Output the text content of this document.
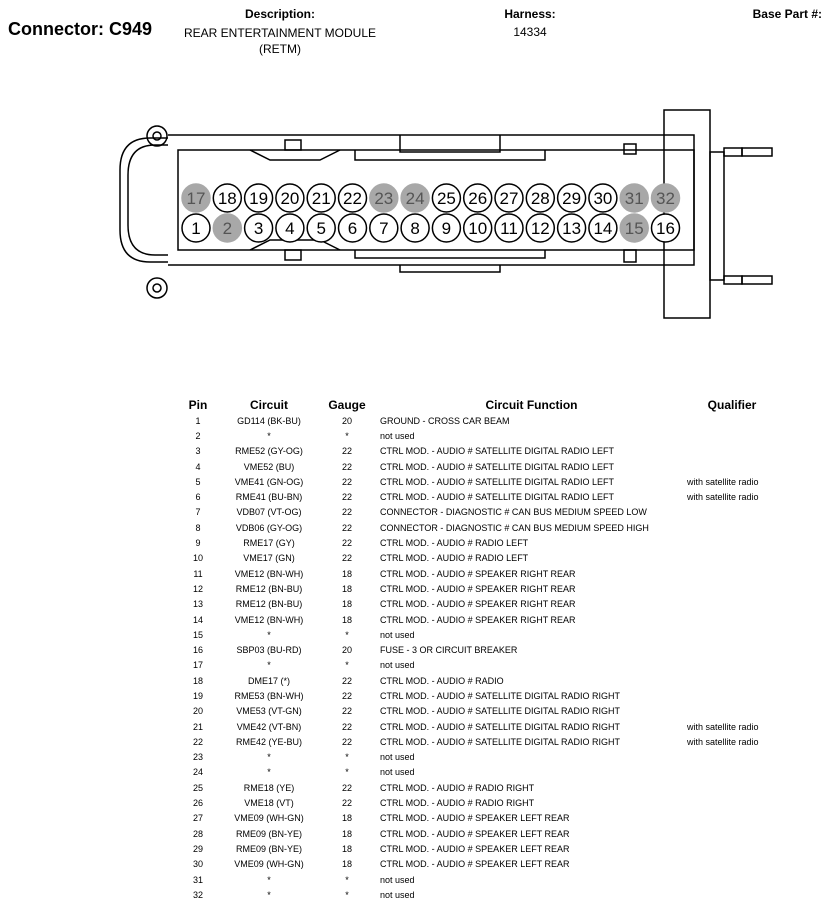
Connector: C949
Description:
REAR ENTERTAINMENT MODULE
(RETM)
Harness:
14334
Base Part #:
17 18 19 20 21 22 23 24 25 26 27 28 29 30 31 32
1 2 3 4 5 6 7 8 9 10 11 12 13 14 15 16
Pin	Circuit	Gauge	Circuit Function	Qualifier
1	GD114 (BK-BU)	20	GROUND - CROSS CAR BEAM	
2	*	*	not used	
3	RME52 (GY-OG)	22	CTRL MOD. - AUDIO # SATELLITE DIGITAL RADIO LEFT	
4	VME52 (BU)	22	CTRL MOD. - AUDIO # SATELLITE DIGITAL RADIO LEFT	
5	VME41 (GN-OG)	22	CTRL MOD. - AUDIO # SATELLITE DIGITAL RADIO LEFT	with satellite radio
6	RME41 (BU-BN)	22	CTRL MOD. - AUDIO # SATELLITE DIGITAL RADIO LEFT	with satellite radio
7	VDB07 (VT-OG)	22	CONNECTOR - DIAGNOSTIC # CAN BUS MEDIUM SPEED LOW	
8	VDB06 (GY-OG)	22	CONNECTOR - DIAGNOSTIC # CAN BUS MEDIUM SPEED HIGH	
9	RME17 (GY)	22	CTRL MOD. - AUDIO # RADIO LEFT	
10	VME17 (GN)	22	CTRL MOD. - AUDIO # RADIO LEFT	
11	VME12 (BN-WH)	18	CTRL MOD. - AUDIO # SPEAKER RIGHT REAR	
12	RME12 (BN-BU)	18	CTRL MOD. - AUDIO # SPEAKER RIGHT REAR	
13	RME12 (BN-BU)	18	CTRL MOD. - AUDIO # SPEAKER RIGHT REAR	
14	VME12 (BN-WH)	18	CTRL MOD. - AUDIO # SPEAKER RIGHT REAR	
15	*	*	not used	
16	SBP03 (BU-RD)	20	FUSE - 3 OR CIRCUIT BREAKER	
17	*	*	not used	
18	DME17 (*)	22	CTRL MOD. - AUDIO # RADIO	
19	RME53 (BN-WH)	22	CTRL MOD. - AUDIO # SATELLITE DIGITAL RADIO RIGHT	
20	VME53 (VT-GN)	22	CTRL MOD. - AUDIO # SATELLITE DIGITAL RADIO RIGHT	
21	VME42 (VT-BN)	22	CTRL MOD. - AUDIO # SATELLITE DIGITAL RADIO RIGHT	with satellite radio
22	RME42 (YE-BU)	22	CTRL MOD. - AUDIO # SATELLITE DIGITAL RADIO RIGHT	with satellite radio
23	*	*	not used	
24	*	*	not used	
25	RME18 (YE)	22	CTRL MOD. - AUDIO # RADIO RIGHT	
26	VME18 (VT)	22	CTRL MOD. - AUDIO # RADIO RIGHT	
27	VME09 (WH-GN)	18	CTRL MOD. - AUDIO # SPEAKER LEFT REAR	
28	RME09 (BN-YE)	18	CTRL MOD. - AUDIO # SPEAKER LEFT REAR	
29	RME09 (BN-YE)	18	CTRL MOD. - AUDIO # SPEAKER LEFT REAR	
30	VME09 (WH-GN)	18	CTRL MOD. - AUDIO # SPEAKER LEFT REAR	
31	*	*	not used	
32	*	*	not used	
